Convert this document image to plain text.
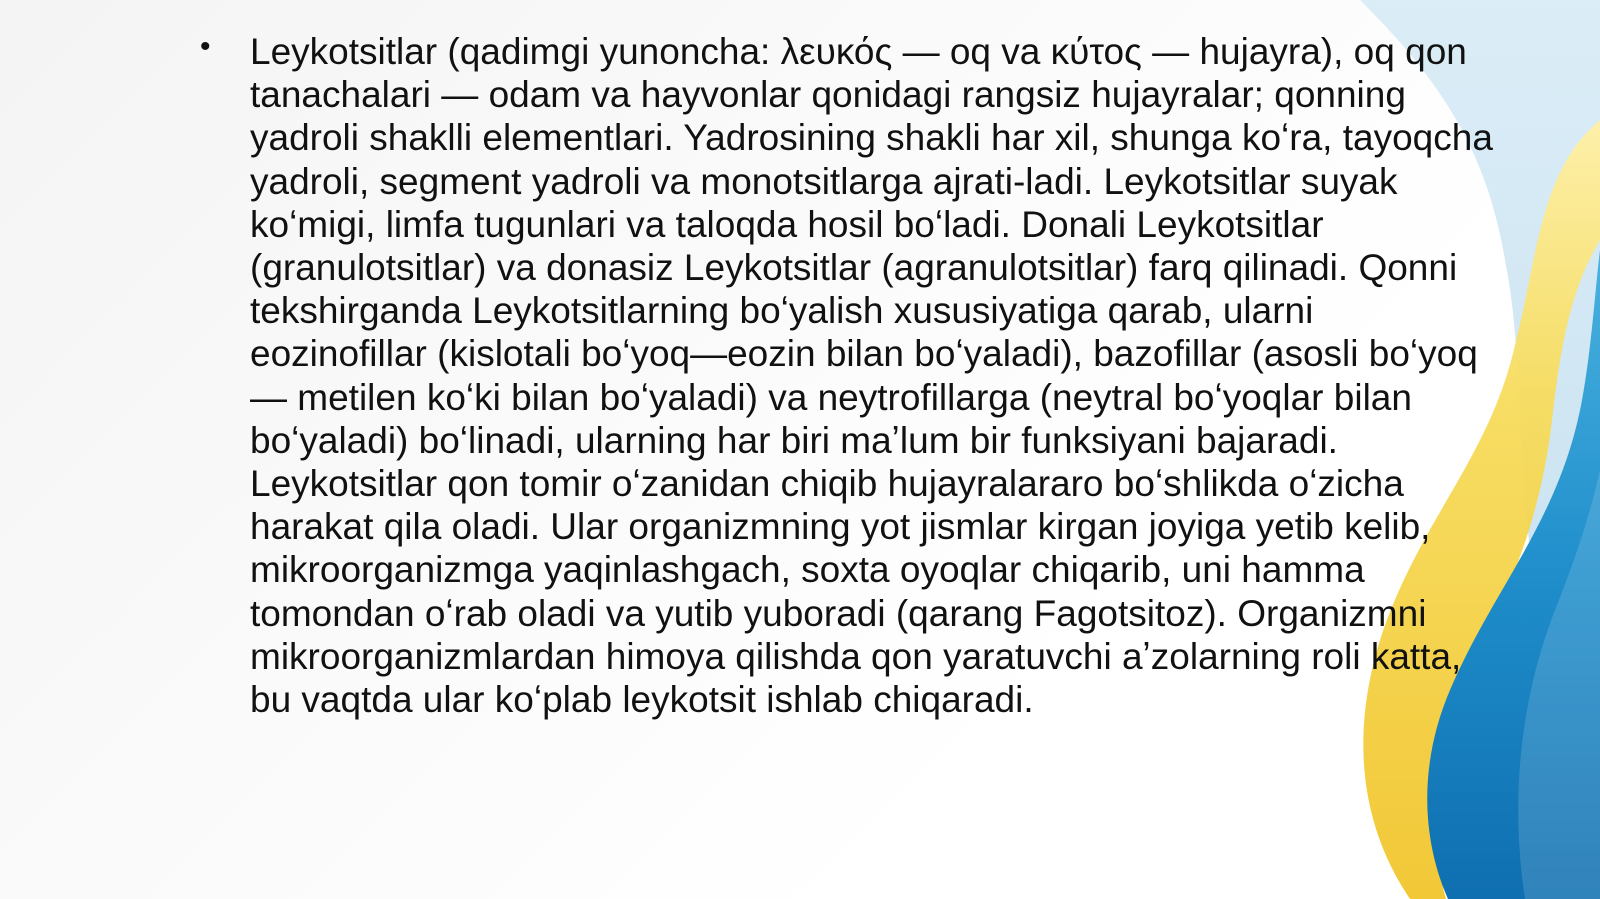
• Leykotsitlar (qadimgi yunoncha: λευκός — oq va κύτος — hujayra), oq qon tanachalari — odam va hayvonlar qonidagi rangsiz hujayralar; qonning yadroli shaklli elementlari. Yadrosining shakli har xil, shunga koʻra, tayoqcha yadroli, segment yadroli va monotsitlarga ajrati-ladi. Leykotsitlar suyak koʻmigi, limfa tugunlari va taloqda hosil boʻladi. Donali Leykotsitlar (granulotsitlar) va donasiz Leykotsitlar (agranulotsitlar) farq qilinadi. Qonni tekshirganda Leykotsitlarning boʻyalish xususiyatiga qarab, ularni eozinofillar (kislotali boʻyoq—eozin bilan boʻyaladi), bazofillar (asosli boʻyoq — metilen koʻki bilan boʻyaladi) va neytrofillarga (neytral boʻyoqlar bilan boʻyaladi) boʻlinadi, ularning har biri maʼlum bir funksiyani bajaradi. Leykotsitlar qon tomir oʻzanidan chiqib hujayralararo boʻshlikda oʻzicha harakat qila oladi. Ular organizmning yot jismlar kirgan joyiga yetib kelib, mikroorganizmga yaqinlashgach, soxta oyoqlar chiqarib, uni hamma tomondan oʻrab oladi va yutib yuboradi (qarang Fagotsitoz). Organizmni mikroorganizmlardan himoya qilishda qon yaratuvchi aʼzolarning roli katta, bu vaqtda ular koʻplab leykotsit ishlab chiqaradi.
